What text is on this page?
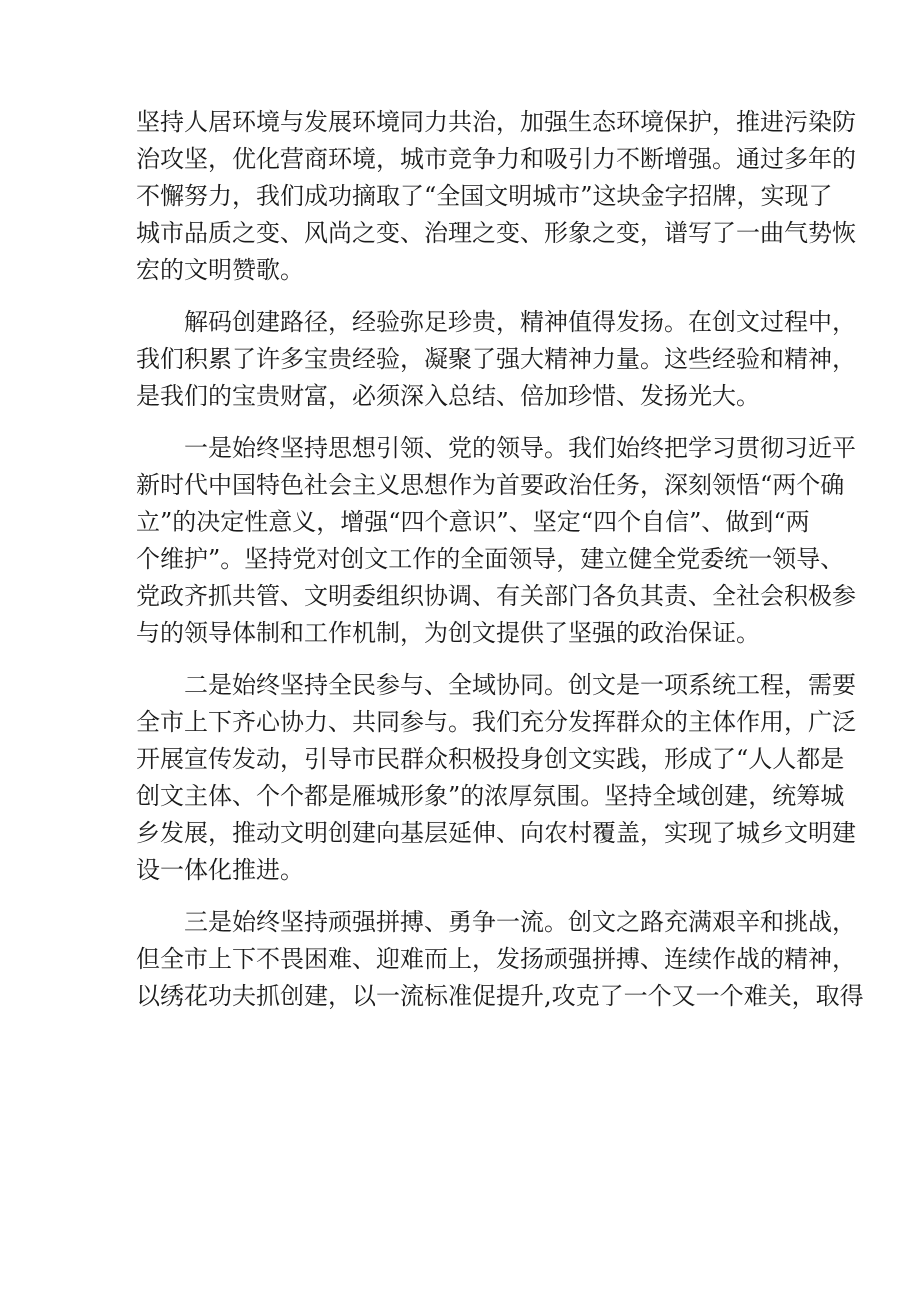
坚持人居环境与发展环境同力共治，加强生态环境保护，推进污染防
治攻坚，优化营商环境，城市竞争力和吸引力不断增强。通过多年的
不懈努力，我们成功摘取了“全国文明城市”这块金字招牌，实现了
城市品质之变、风尚之变、治理之变、形象之变，谱写了一曲气势恢
宏的文明赞歌。
解码创建路径，经验弥足珍贵，精神值得发扬。在创文过程中，
我们积累了许多宝贵经验，凝聚了强大精神力量。这些经验和精神，
是我们的宝贵财富，必须深入总结、倍加珍惜、发扬光大。
一是始终坚持思想引领、党的领导。我们始终把学习贯彻习近平
新时代中国特色社会主义思想作为首要政治任务，深刻领悟“两个确
立”的决定性意义，增强“四个意识”、坚定“四个自信”、做到“两
个维护”。坚持党对创文工作的全面领导，建立健全党委统一领导、
党政齐抓共管、文明委组织协调、有关部门各负其责、全社会积极参
与的领导体制和工作机制，为创文提供了坚强的政治保证。
二是始终坚持全民参与、全域协同。创文是一项系统工程，需要
全市上下齐心协力、共同参与。我们充分发挥群众的主体作用，广泛
开展宣传发动，引导市民群众积极投身创文实践，形成了“人人都是
创文主体、个个都是雁城形象”的浓厚氛围。坚持全域创建，统筹城
乡发展，推动文明创建向基层延伸、向农村覆盖，实现了城乡文明建
设一体化推进。
三是始终坚持顽强拼搏、勇争一流。创文之路充满艰辛和挑战，
但全市上下不畏困难、迎难而上，发扬顽强拼搏、连续作战的精神，
以绣花功夫抓创建，以一流标准促提升,攻克了一个又一个难关，取得
